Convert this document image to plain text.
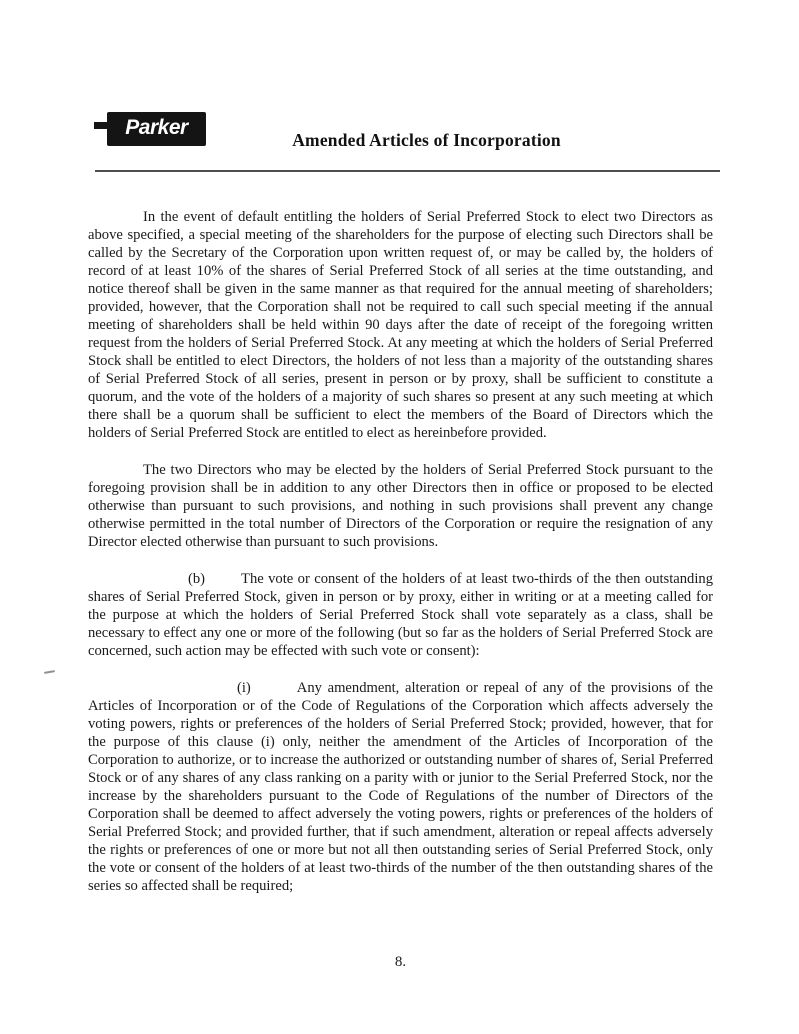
Parker
Amended Articles of Incorporation

In the event of default entitling the holders of Serial Preferred Stock to elect two Directors as above specified, a special meeting of the shareholders for the purpose of electing such Directors shall be called by the Secretary of the Corporation upon written request of, or may be called by, the holders of record of at least 10% of the shares of Serial Preferred Stock of all series at the time outstanding, and notice thereof shall be given in the same manner as that required for the annual meeting of shareholders; provided, however, that the Corporation shall not be required to call such special meeting if the annual meeting of shareholders shall be held within 90 days after the date of receipt of the foregoing written request from the holders of Serial Preferred Stock. At any meeting at which the holders of Serial Preferred Stock shall be entitled to elect Directors, the holders of not less than a majority of the outstanding shares of Serial Preferred Stock of all series, present in person or by proxy, shall be sufficient to constitute a quorum, and the vote of the holders of a majority of such shares so present at any such meeting at which there shall be a quorum shall be sufficient to elect the members of the Board of Directors which the holders of Serial Preferred Stock are entitled to elect as hereinbefore provided.

The two Directors who may be elected by the holders of Serial Preferred Stock pursuant to the foregoing provision shall be in addition to any other Directors then in office or proposed to be elected otherwise than pursuant to such provisions, and nothing in such provisions shall prevent any change otherwise permitted in the total number of Directors of the Corporation or require the resignation of any Director elected otherwise than pursuant to such provisions.

(b) The vote or consent of the holders of at least two-thirds of the then outstanding shares of Serial Preferred Stock, given in person or by proxy, either in writing or at a meeting called for the purpose at which the holders of Serial Preferred Stock shall vote separately as a class, shall be necessary to effect any one or more of the following (but so far as the holders of Serial Preferred Stock are concerned, such action may be effected with such vote or consent):

(i)	Any amendment, alteration or repeal of any of the provisions of the Articles of Incorporation or of the Code of Regulations of the Corporation which affects adversely the voting powers, rights or preferences of the holders of Serial Preferred Stock; provided, however, that for the purpose of this clause (i) only, neither the amendment of the Articles of Incorporation of the Corporation to authorize, or to increase the authorized or outstanding number of shares of, Serial Preferred Stock or of any shares of any class ranking on a parity with or junior to the Serial Preferred Stock, nor the increase by the shareholders pursuant to the Code of Regulations of the number of Directors of the Corporation shall be deemed to affect adversely the voting powers, rights or preferences of the holders of Serial Preferred Stock; and provided further, that if such amendment, alteration or repeal affects adversely the rights or preferences of one or more but not all then outstanding series of Serial Preferred Stock, only the vote or consent of the holders of at least two-thirds of the number of the then outstanding shares of the series so affected shall be required;

8.
